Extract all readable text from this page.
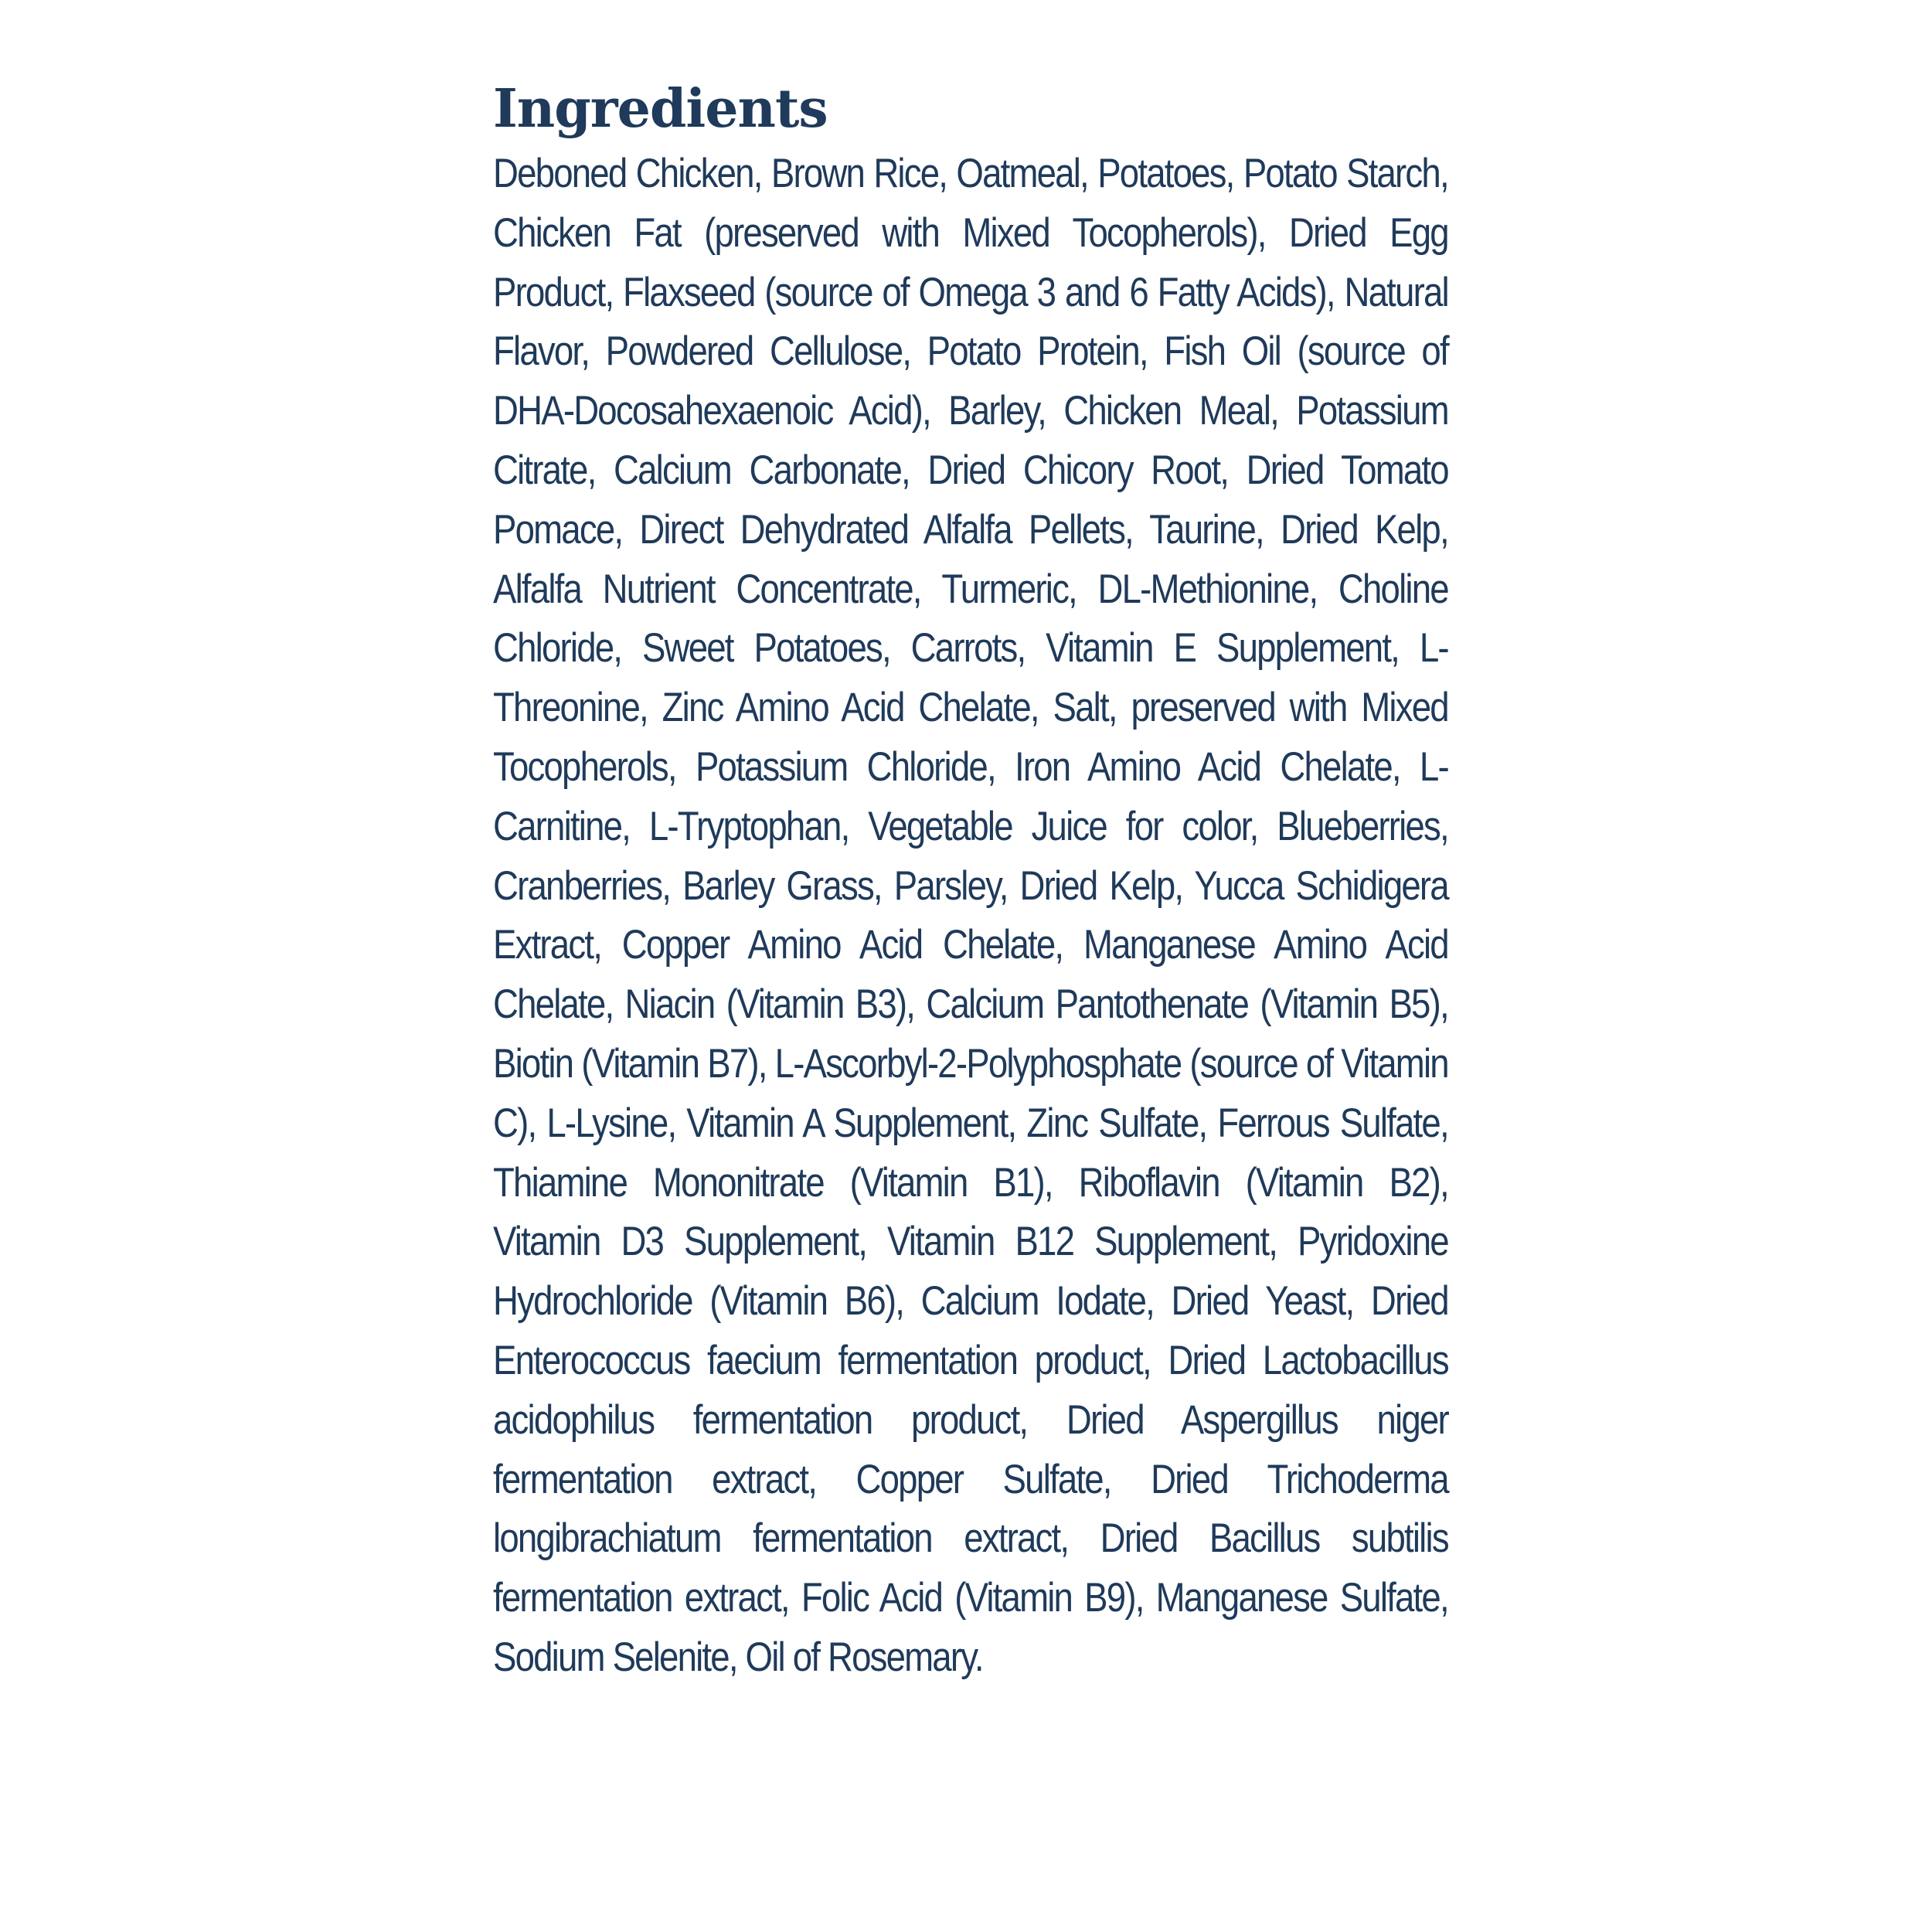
Ingredients

Deboned Chicken, Brown Rice, Oatmeal, Potatoes, Potato Starch, Chicken Fat (preserved with Mixed Tocopherols), Dried Egg Product, Flaxseed (source of Omega 3 and 6 Fatty Acids), Natural Flavor, Powdered Cellulose, Potato Protein, Fish Oil (source of DHA-Docosahexaenoic Acid), Barley, Chicken Meal, Potassium Citrate, Calcium Carbonate, Dried Chicory Root, Dried Tomato Pomace, Direct Dehydrated Alfalfa Pellets, Taurine, Dried Kelp, Alfalfa Nutrient Concentrate, Turmeric, DL-Methionine, Choline Chloride, Sweet Potatoes, Carrots, Vitamin E Supplement, L-Threonine, Zinc Amino Acid Chelate, Salt, preserved with Mixed Tocopherols, Potassium Chloride, Iron Amino Acid Chelate, L-Carnitine, L-Tryptophan, Vegetable Juice for color, Blueberries, Cranberries, Barley Grass, Parsley, Dried Kelp, Yucca Schidigera Extract, Copper Amino Acid Chelate, Manganese Amino Acid Chelate, Niacin (Vitamin B3), Calcium Pantothenate (Vitamin B5), Biotin (Vitamin B7), L-Ascorbyl-2-Polyphosphate (source of Vitamin C), L-Lysine, Vitamin A Supplement, Zinc Sulfate, Ferrous Sulfate, Thiamine Mononitrate (Vitamin B1), Riboflavin (Vitamin B2), Vitamin D3 Supplement, Vitamin B12 Supplement, Pyridoxine Hydrochloride (Vitamin B6), Calcium Iodate, Dried Yeast, Dried Enterococcus faecium fermentation product, Dried Lactobacillus acidophilus fermentation product, Dried Aspergillus niger fermentation extract, Copper Sulfate, Dried Trichoderma longibrachiatum fermentation extract, Dried Bacillus subtilis fermentation extract, Folic Acid (Vitamin B9), Manganese Sulfate, Sodium Selenite, Oil of Rosemary.
